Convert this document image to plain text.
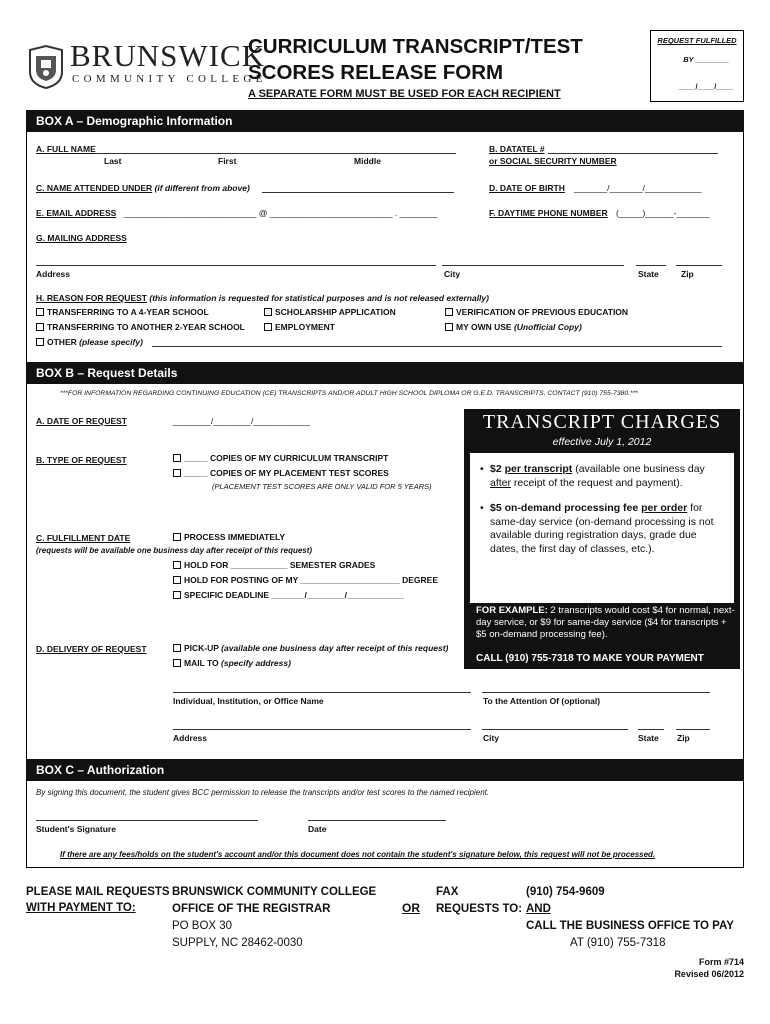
BRUNSWICK
COMMUNITY COLLEGE
CURRICULUM TRANSCRIPT/TEST
SCORES RELEASE FORM
A SEPARATE FORM MUST BE USED FOR EACH RECIPIENT
REQUEST FULFILLED
BY ________
____/____/____
BOX A – Demographic Information
A. FULL NAME
Last	First	Middle
B. DATATEL #
or SOCIAL SECURITY NUMBER
C. NAME ATTENDED UNDER (if different from above)	D. DATE OF BIRTH _______/_______/____________
E. EMAIL ADDRESS ____________________________ @ __________________________ . ________	F. DAYTIME PHONE NUMBER (_____)______-_______
G. MAILING ADDRESS
Address	City	State	Zip
H. REASON FOR REQUEST (this information is requested for statistical purposes and is not released externally)
TRANSFERRING TO A 4-YEAR SCHOOL	SCHOLARSHIP APPLICATION	VERIFICATION OF PREVIOUS EDUCATION
TRANSFERRING TO ANOTHER 2-YEAR SCHOOL	EMPLOYMENT	MY OWN USE (Unofficial Copy)
OTHER (please specify)
BOX B – Request Details
***FOR INFORMATION REGARDING CONTINUING EDUCATION (CE) TRANSCRIPTS AND/OR ADULT HIGH SCHOOL DIPLOMA OR G.E.D. TRANSCRIPTS, CONTACT (910) 755-7380.***
A. DATE OF REQUEST	________/________/____________
B. TYPE OF REQUEST	_____ COPIES OF MY CURRICULUM TRANSCRIPT
_____ COPIES OF MY PLACEMENT TEST SCORES
(PLACEMENT TEST SCORES ARE ONLY VALID FOR 5 YEARS)
C. FULFILLMENT DATE	PROCESS IMMEDIATELY
(requests will be available one business day after receipt of this request)
HOLD FOR ____________ SEMESTER GRADES
HOLD FOR POSTING OF MY _____________________ DEGREE
SPECIFIC DEADLINE _______/________/____________
D. DELIVERY OF REQUEST	PICK-UP (available one business day after receipt of this request)
MAIL TO (specify address)
Individual, Institution, or Office Name	To the Attention Of (optional)
Address	City	State Zip
TRANSCRIPT CHARGES
effective July 1, 2012
• $2 per transcript (available one business day after receipt of the request and payment).
• $5 on-demand processing fee per order for same-day service (on-demand processing is not available during registration days, grade due dates, the first day of classes, etc.).
FOR EXAMPLE: 2 transcripts would cost $4 for normal, next-day service, or $9 for same-day service ($4 for transcripts + $5 on-demand processing fee).
CALL (910) 755-7318 TO MAKE YOUR PAYMENT
BOX C – Authorization
By signing this document, the student gives BCC permission to release the transcripts and/or test scores to the named recipient.
Student's Signature	Date
If there are any fees/holds on the student's account and/or this document does not contain the student's signature below, this request will not be processed.
PLEASE MAIL REQUESTS
WITH PAYMENT TO:
BRUNSWICK COMMUNITY COLLEGE
OFFICE OF THE REGISTRAR
PO BOX 30
SUPPLY, NC 28462-0030
OR
FAX
REQUESTS TO:
(910) 754-9609
AND
CALL THE BUSINESS OFFICE TO PAY
AT (910) 755-7318
Form #714
Revised 06/2012
